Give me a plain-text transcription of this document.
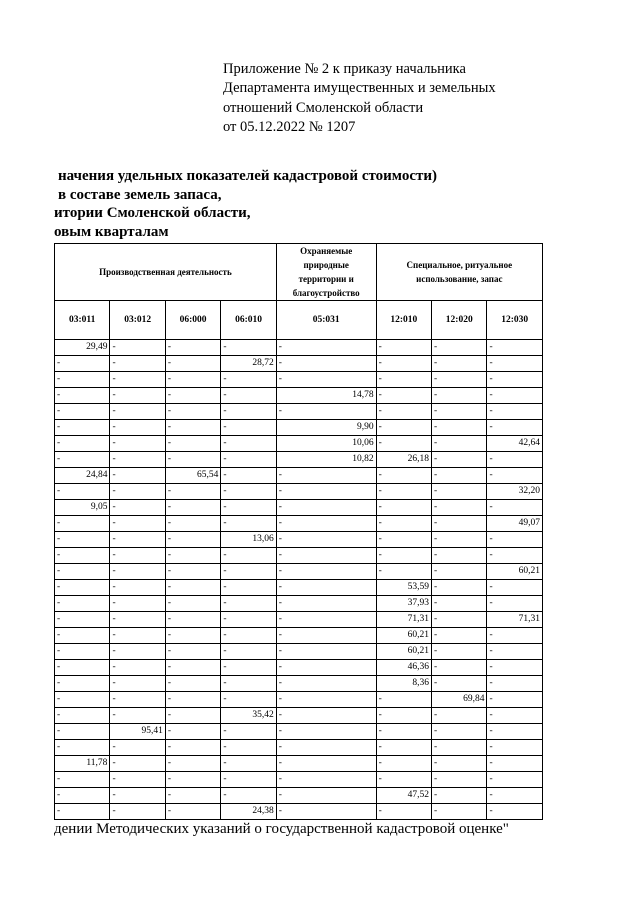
Приложение № 2 к приказу начальника
Департамента имущественных и земельных
отношений Смоленской области
от 05.12.2022 № 1207
начения удельных показателей кадастровой стоимости)
в составе земель запаса,
итории Смоленской области,
овым кварталам
Производственная деятельность				Охраняемые природные территории и благоустройство	Специальное, ритуальное использование, запас		
03:011	03:012	06:000	06:010	05:031	12:010	12:020	12:030
29,49	-	-	-	-	-	-	-
-	-	-	28,72	-	-	-	-
-	-	-	-	-	-	-	-
-	-	-	-	14,78	-	-	-
-	-	-	-	-	-	-	-
-	-	-	-	9,90	-	-	-
-	-	-	-	10,06	-	-	42,64
-	-	-	-	10,82	26,18	-	-
24,84	-	65,54	-	-	-	-	-
-	-	-	-	-	-	-	32,20
9,05	-	-	-	-	-	-	-
-	-	-	-	-	-	-	49,07
-	-	-	13,06	-	-	-	-
-	-	-	-	-	-	-	-
-	-	-	-	-	-	-	60,21
-	-	-	-	-	53,59	-	-
-	-	-	-	-	37,93	-	-
-	-	-	-	-	71,31	-	71,31
-	-	-	-	-	60,21	-	-
-	-	-	-	-	60,21	-	-
-	-	-	-	-	46,36	-	-
-	-	-	-	-	8,36	-	-
-	-	-	-	-	-	69,84	-
-	-	-	35,42	-	-	-	-
-	95,41	-	-	-	-	-	-
-	-	-	-	-	-	-	-
11,78	-	-	-	-	-	-	-
-	-	-	-	-	-	-	-
-	-	-	-	-	47,52	-	-
-	-	-	24,38	-	-	-	-
дении Методических указаний о государственной кадастровой оценке"
